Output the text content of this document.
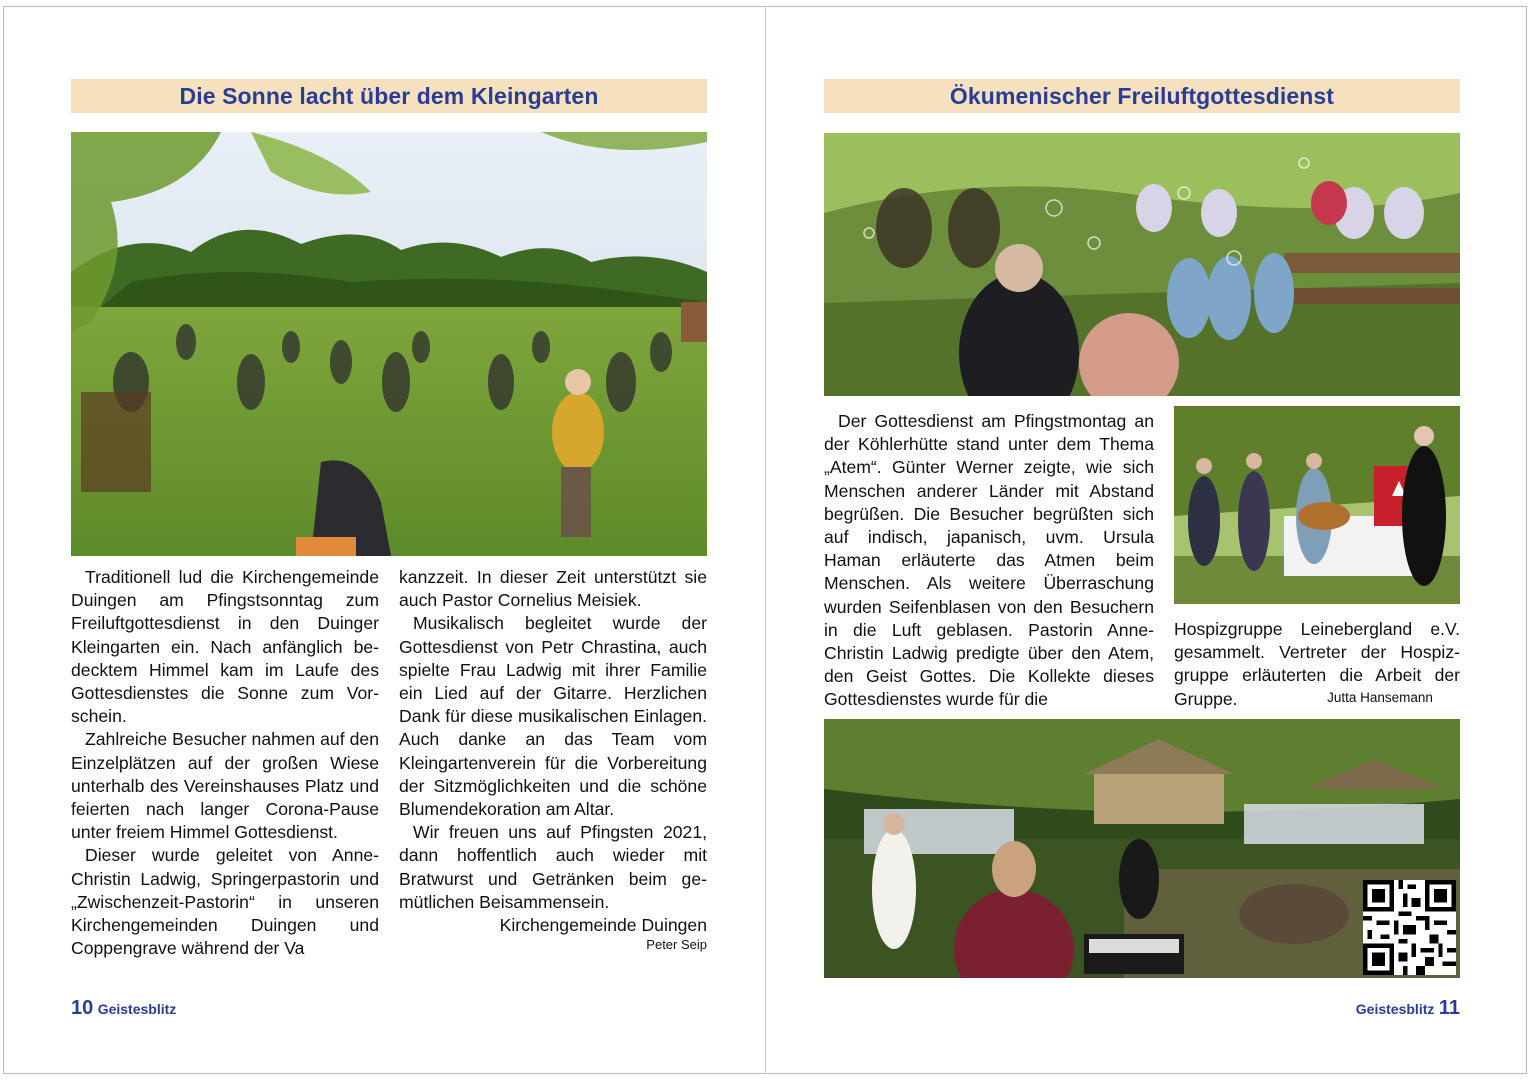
Die Sonne lacht über dem Kleingarten

Traditionell lud die Kirchengemeinde Duingen am Pfingstsonntag zum Freiluftgottesdienst in den Duinger Kleingarten ein. Nach anfänglich bedecktem Himmel kam im Laufe des Gottesdienstes die Sonne zum Vorschein.

Zahlreiche Besucher nahmen auf den Einzelplätzen auf der großen Wiese unterhalb des Vereinshauses Platz und feierten nach langer Corona-Pause unter freiem Himmel Gottesdienst.

Dieser wurde geleitet von Anne-Christin Ladwig, Springerpastorin und „Zwischenzeit-Pastorin“ in unseren Kirchengemeinden Duingen und Coppengrave während der Va

kanzzeit. In dieser Zeit unterstützt sie auch Pastor Cornelius Meisiek.

Musikalisch begleitet wurde der Gottesdienst von Petr Chrastina, auch spielte Frau Ladwig mit ihrer Familie ein Lied auf der Gitarre. Herzlichen Dank für diese musikalischen Einlagen. Auch danke an das Team vom Kleingartenverein für die Vorbereitung der Sitzmöglichkeiten und die schöne Blumendekoration am Altar.

Wir freuen uns auf Pfingsten 2021, dann hoffentlich auch wieder mit Bratwurst und Getränken beim gemütlichen Beisammensein.

Kirchengemeinde Duingen
Peter Seip
10 Geistesblitz
Ökumenischer Freiluftgottesdienst

Der Gottesdienst am Pfingstmontag an der Köhlerhütte stand unter dem Thema „Atem“. Günter Werner zeigte, wie sich Menschen anderer Länder mit Abstand begrüßen. Die Besucher begrüßten sich auf indisch, japanisch, uvm. Ursula Haman erläuterte das Atmen beim Menschen. Als weitere Überraschung wurden Seifenblasen von den Besuchern in die Luft geblasen. Pastorin Anne-Christin Ladwig predigte über den Atem, den Geist Gottes. Die Kollekte dieses Gottesdienstes wurde für die

Hospizgruppe Leinebergland e.V. gesammelt. Vertreter der Hospizgruppe erläuterten die Arbeit der Gruppe.	Jutta Hansemann
Geistesblitz 11
